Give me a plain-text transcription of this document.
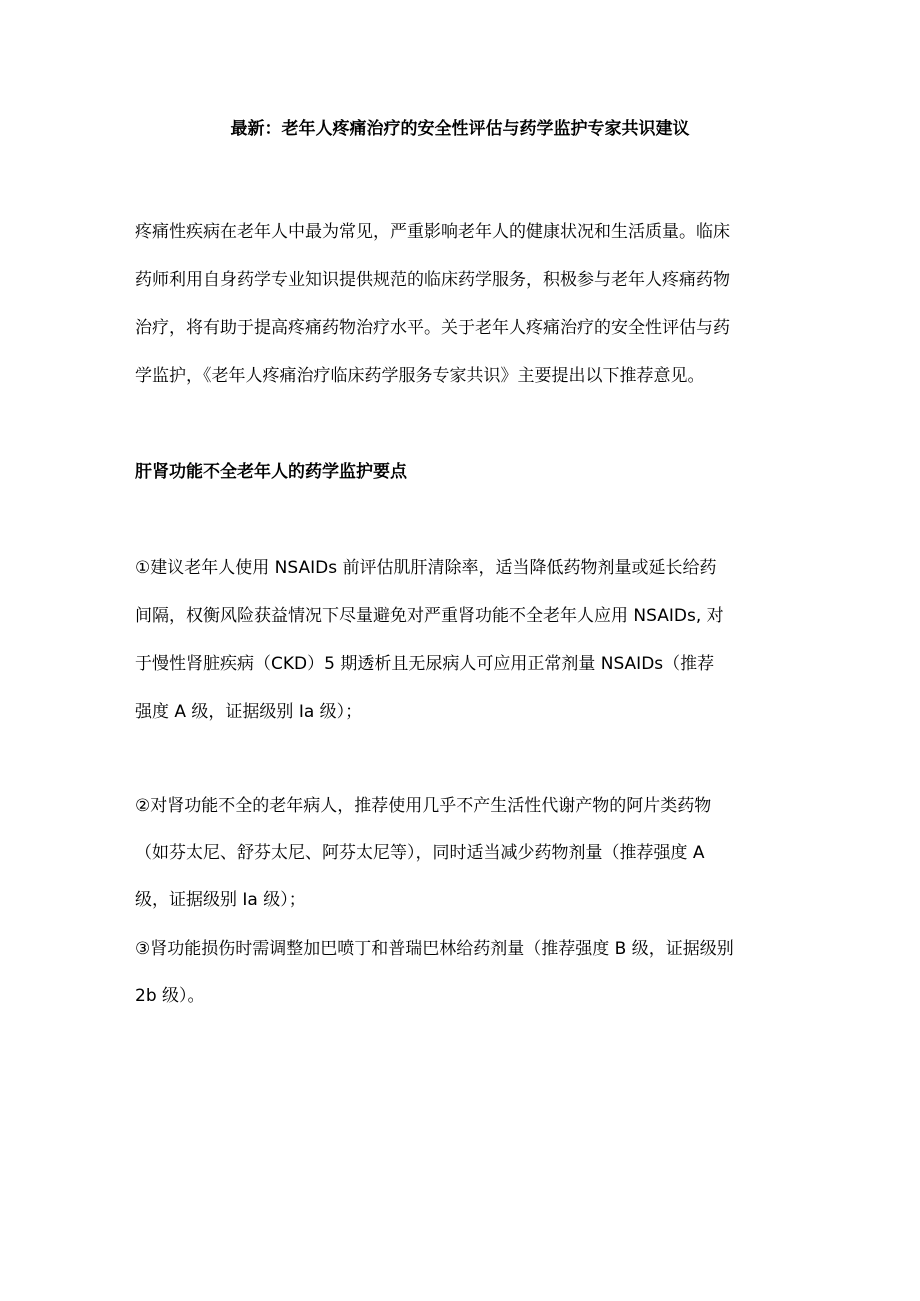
最新：老年人疼痛治疗的安全性评估与药学监护专家共识建议
疼痛性疾病在老年人中最为常见，严重影响老年人的健康状况和生活质量。临床
药师利用自身药学专业知识提供规范的临床药学服务，积极参与老年人疼痛药物
治疗，将有助于提高疼痛药物治疗水平。关于老年人疼痛治疗的安全性评估与药
学监护，《老年人疼痛治疗临床药学服务专家共识》主要提出以下推荐意见。
肝肾功能不全老年人的药学监护要点
①建议老年人使用 NSAIDs 前评估肌肝清除率，适当降低药物剂量或延长给药
间隔，权衡风险获益情况下尽量避免对严重肾功能不全老年人应用 NSAIDs, 对
于慢性肾脏疾病（CKD）5 期透析且无尿病人可应用正常剂量 NSAIDs（推荐
强度 A 级，证据级别 Ia 级）；
②对肾功能不全的老年病人，推荐使用几乎不产生活性代谢产物的阿片类药物
（如芬太尼、舒芬太尼、阿芬太尼等），同时适当减少药物剂量（推荐强度 A
级，证据级别 Ia 级）；
③肾功能损伤时需调整加巴喷丁和普瑞巴林给药剂量（推荐强度 B 级，证据级别
2b 级）。
